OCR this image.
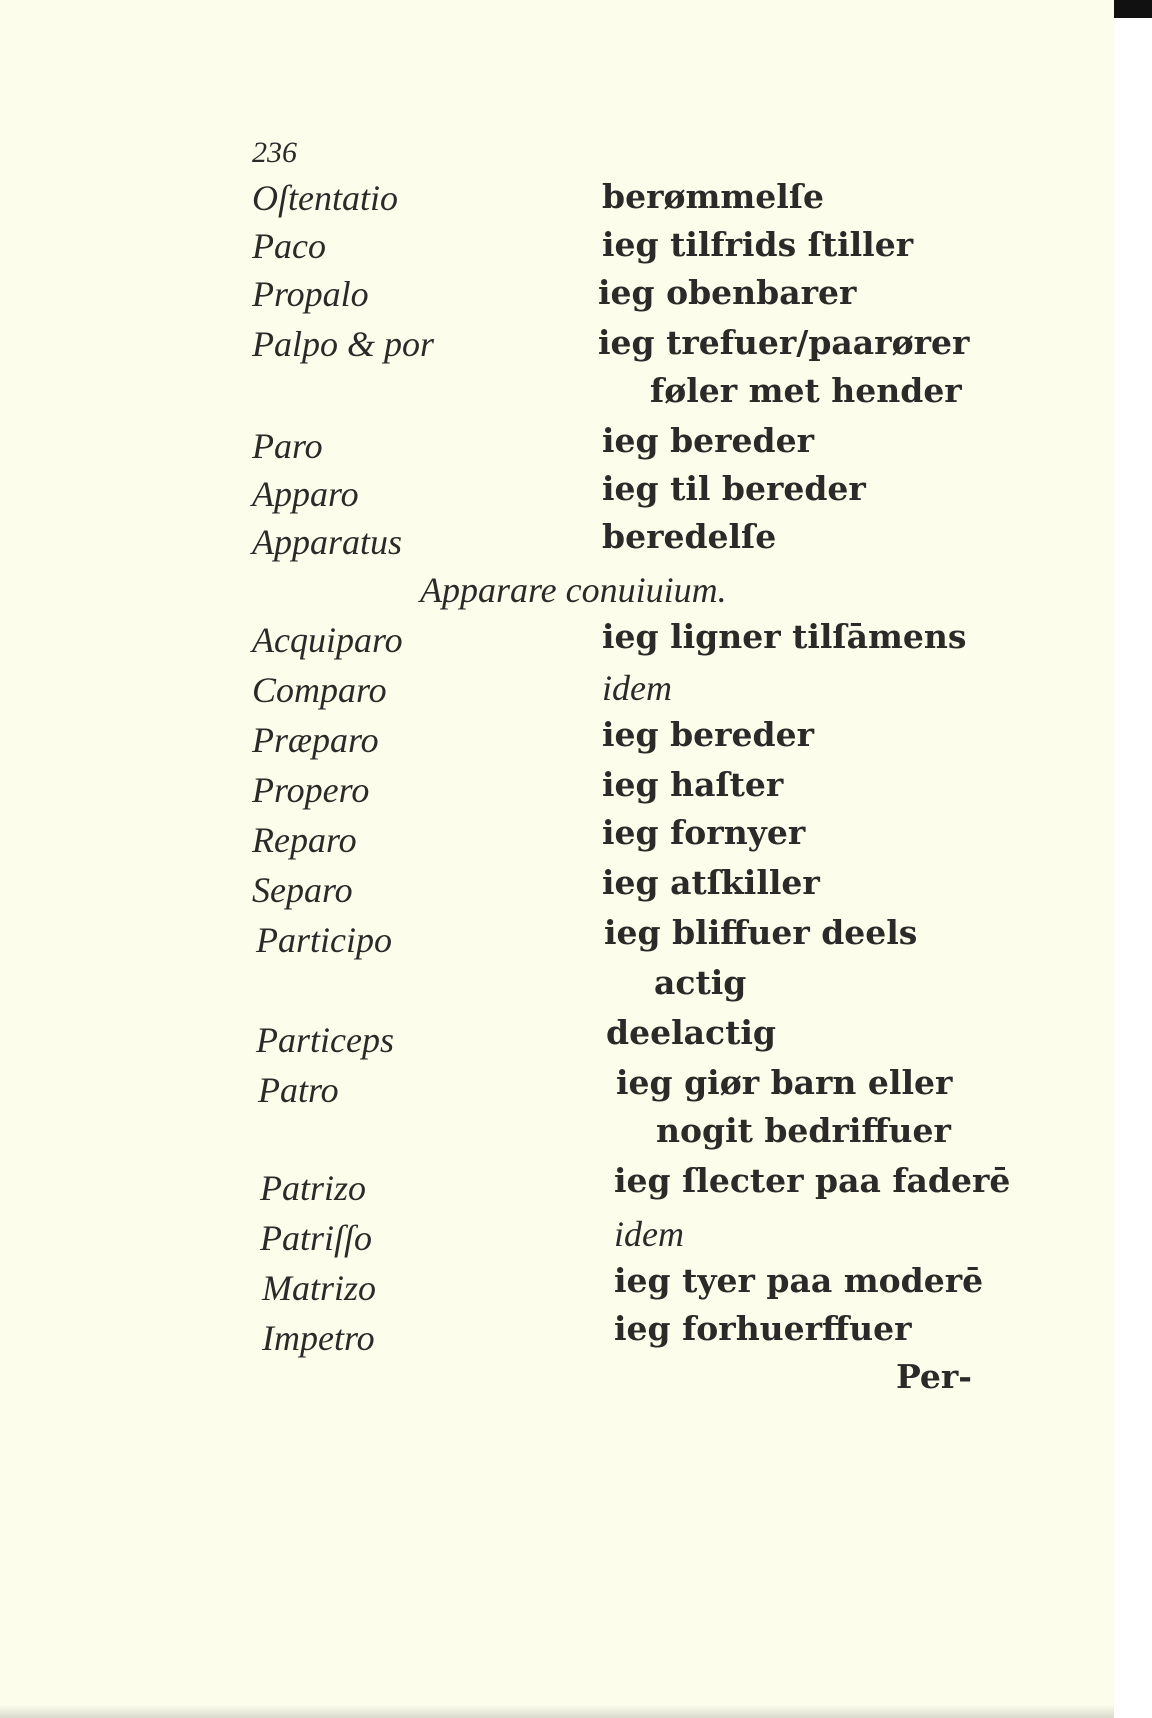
236
Oſtentatio	berømmelſe
Paco	ieg tilfrids ſtiller
Propalo	ieg obenbarer
Palpo & por	ieg trefuer/paarører
føler met hender
Paro	ieg bereder
Apparo	ieg til bereder
Apparatus	beredelſe
Apparare conuiuium.
Acquiparo	ieg ligner tilſāmens
Comparo	idem
Præparo	ieg bereder
Propero	ieg haſter
Reparo	ieg fornyer
Separo	ieg atſkiller
Participo	ieg bliffuer deels
actig
Particeps	deelactig
Patro	ieg giør barn eller
nogit bedriffuer
Patrizo	ieg ſlecter paa faderē
Patriſſo	idem
Matrizo	ieg tyer paa moderē
Impetro	ieg forhuerffuer
Per-
